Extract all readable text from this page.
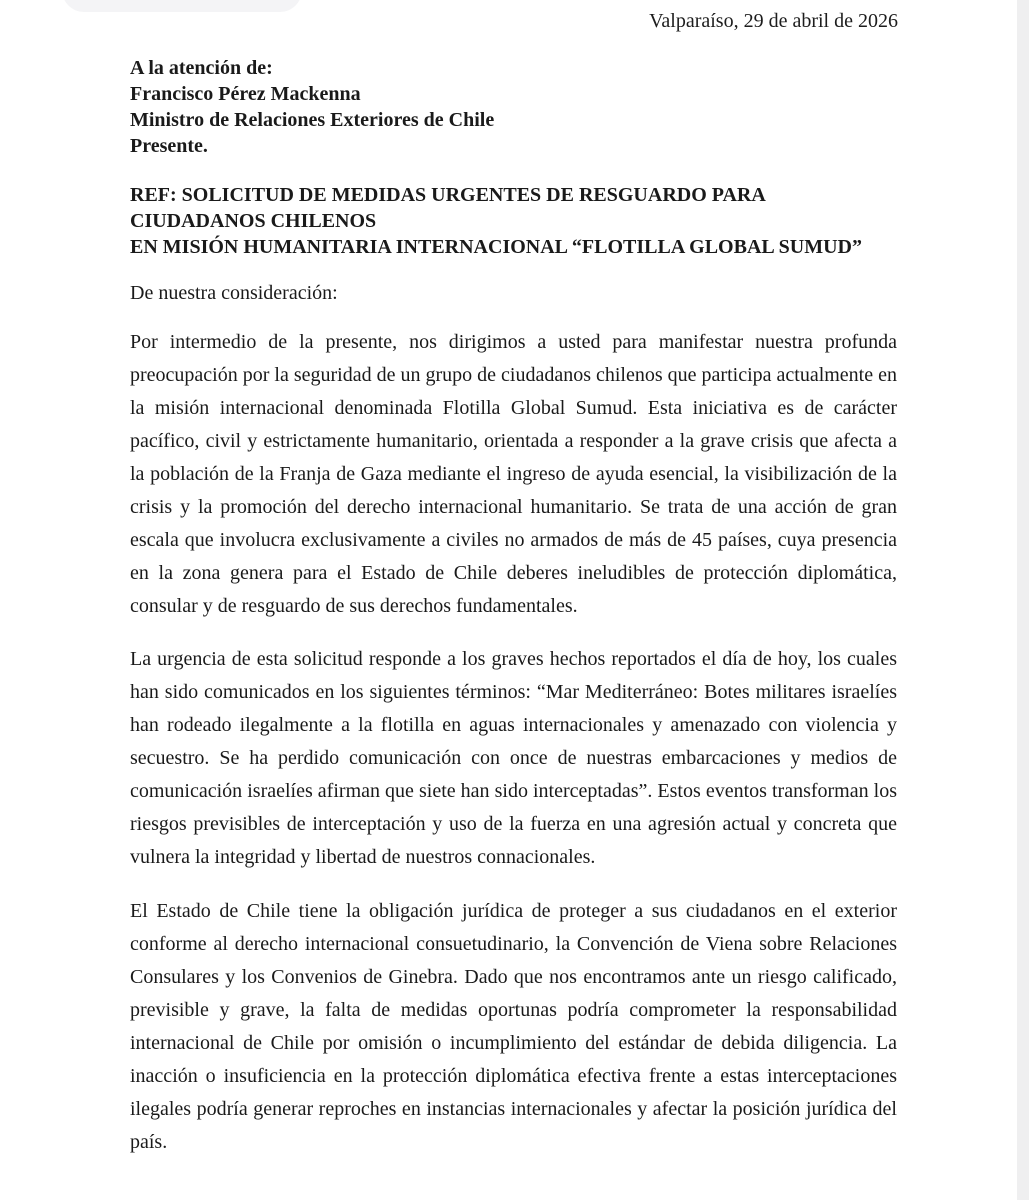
Valparaíso, 29 de abril de 2026

A la atención de:
Francisco Pérez Mackenna
Ministro de Relaciones Exteriores de Chile
Presente.
REF: SOLICITUD DE MEDIDAS URGENTES DE RESGUARDO PARA CIUDADANOS CHILENOS
EN MISIÓN HUMANITARIA INTERNACIONAL “FLOTILLA GLOBAL SUMUD”

De nuestra consideración:

Por intermedio de la presente, nos dirigimos a usted para manifestar nuestra profunda preocupación por la seguridad de un grupo de ciudadanos chilenos que participa actualmente en la misión internacional denominada Flotilla Global Sumud. Esta iniciativa es de carácter pacífico, civil y estrictamente humanitario, orientada a responder a la grave crisis que afecta a la población de la Franja de Gaza mediante el ingreso de ayuda esencial, la visibilización de la crisis y la promoción del derecho internacional humanitario. Se trata de una acción de gran escala que involucra exclusivamente a civiles no armados de más de 45 países, cuya presencia en la zona genera para el Estado de Chile deberes ineludibles de protección diplomática, consular y de resguardo de sus derechos fundamentales.

La urgencia de esta solicitud responde a los graves hechos reportados el día de hoy, los cuales han sido comunicados en los siguientes términos: “Mar Mediterráneo: Botes militares israelíes han rodeado ilegalmente a la flotilla en aguas internacionales y amenazado con violencia y secuestro. Se ha perdido comunicación con once de nuestras embarcaciones y medios de comunicación israelíes afirman que siete han sido interceptadas”. Estos eventos transforman los riesgos previsibles de interceptación y uso de la fuerza en una agresión actual y concreta que vulnera la integridad y libertad de nuestros connacionales.

El Estado de Chile tiene la obligación jurídica de proteger a sus ciudadanos en el exterior conforme al derecho internacional consuetudinario, la Convención de Viena sobre Relaciones Consulares y los Convenios de Ginebra. Dado que nos encontramos ante un riesgo calificado, previsible y grave, la falta de medidas oportunas podría comprometer la responsabilidad internacional de Chile por omisión o incumplimiento del estándar de debida diligencia. La inacción o insuficiencia en la protección diplomática efectiva frente a estas interceptaciones ilegales podría generar reproches en instancias internacionales y afectar la posición jurídica del país.
